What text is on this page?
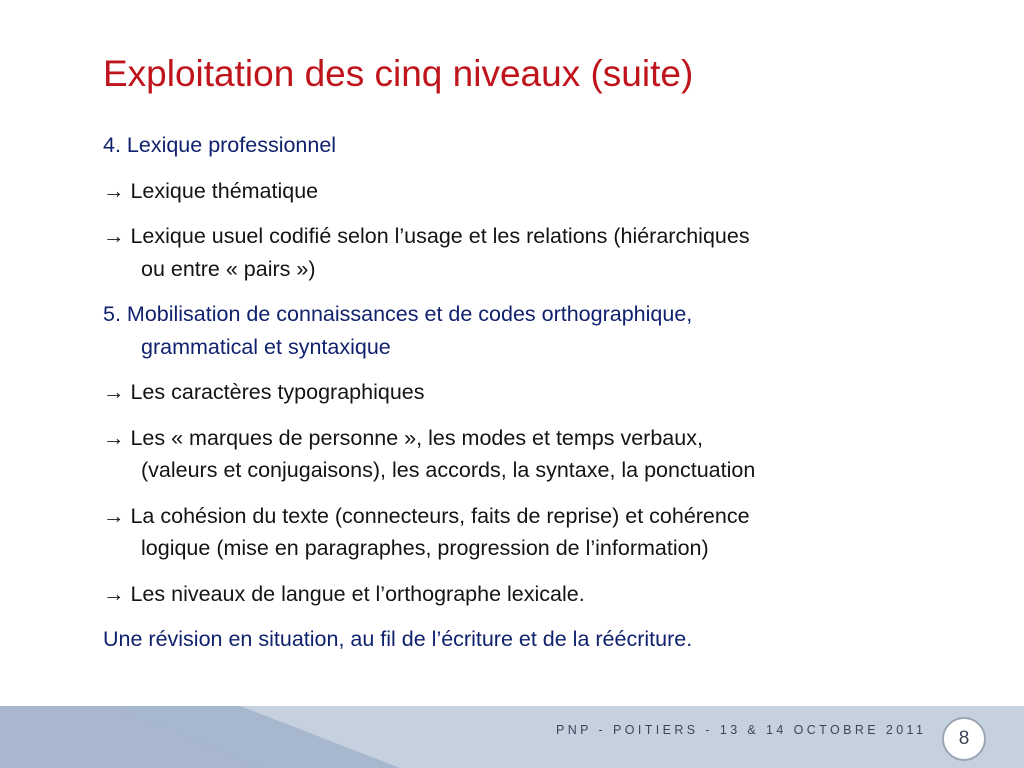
Exploitation des cinq niveaux (suite)

4. Lexique professionnel

→ Lexique thématique

→ Lexique usuel codifié selon l’usage et les relations (hiérarchiques
ou entre « pairs »)

5. Mobilisation de connaissances et de codes orthographique,
grammatical et syntaxique

→ Les caractères typographiques

→ Les « marques de personne », les modes et temps verbaux,
(valeurs et conjugaisons), les accords, la syntaxe, la ponctuation

→ La cohésion du texte (connecteurs, faits de reprise) et cohérence
logique (mise en paragraphes, progression de l’information)

→ Les niveaux de langue et l’orthographe lexicale.

Une révision en situation, au fil de l’écriture et de la réécriture.

PNP - POITIERS - 13 & 14 OCTOBRE 2011	8
